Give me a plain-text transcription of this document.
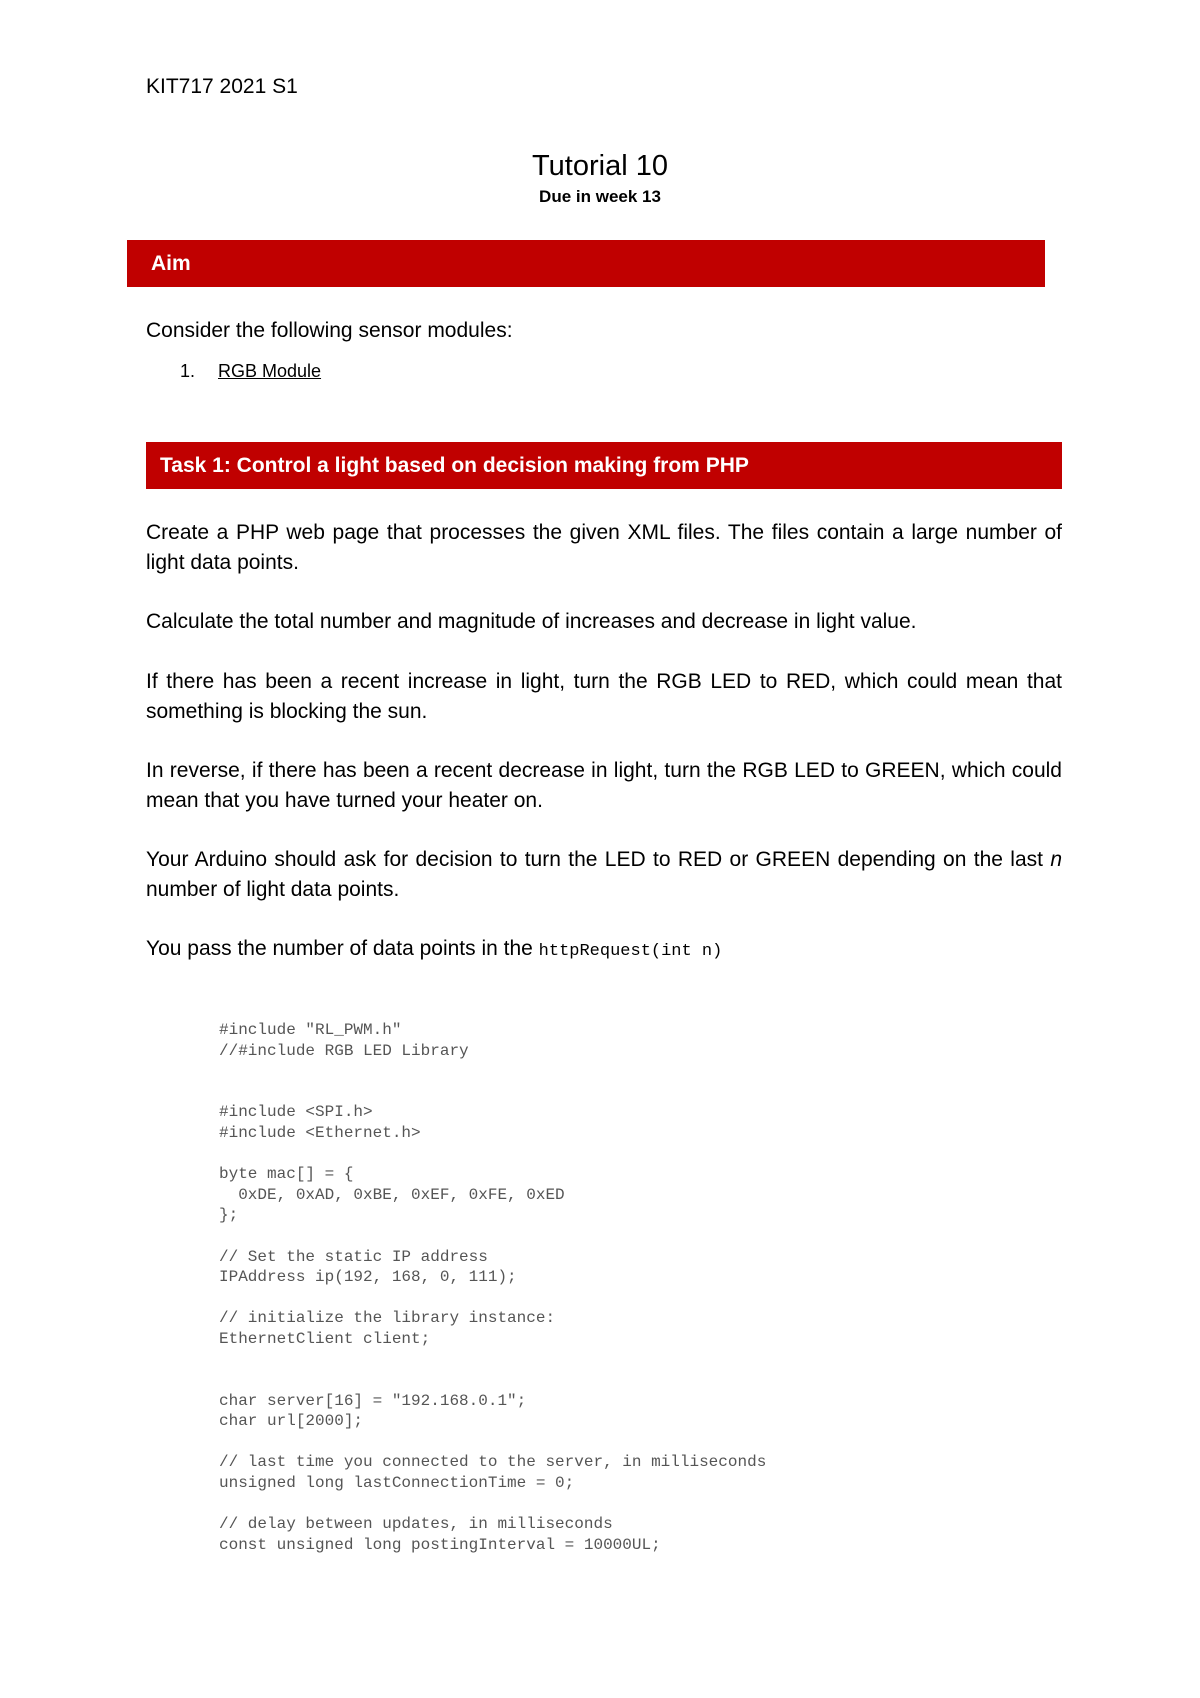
KIT717 2021 S1
Tutorial 10
Due in week 13
Aim
Consider the following sensor modules:
1. RGB Module
Task 1: Control a light based on decision making from PHP
Create a PHP web page that processes the given XML files. The files contain a large number of light data points.
Calculate the total number and magnitude of increases and decrease in light value.
If there has been a recent increase in light, turn the RGB LED to RED, which could mean that something is blocking the sun.
In reverse, if there has been a recent decrease in light, turn the RGB LED to GREEN, which could mean that you have turned your heater on.
Your Arduino should ask for decision to turn the LED to RED or GREEN depending on the last n number of light data points.
You pass the number of data points in the httpRequest(int n)
#include "RL_PWM.h"
//#include RGB LED Library

#include <SPI.h>
#include <Ethernet.h>

byte mac[] = {
0xDE, 0xAD, 0xBE, 0xEF, 0xFE, 0xED
};

// Set the static IP address
IPAddress ip(192, 168, 0, 111);

// initialize the library instance:
EthernetClient client;

char server[16] = "192.168.0.1";
char url[2000];

// last time you connected to the server, in milliseconds
unsigned long lastConnectionTime = 0;

// delay between updates, in milliseconds
const unsigned long postingInterval = 10000UL;
